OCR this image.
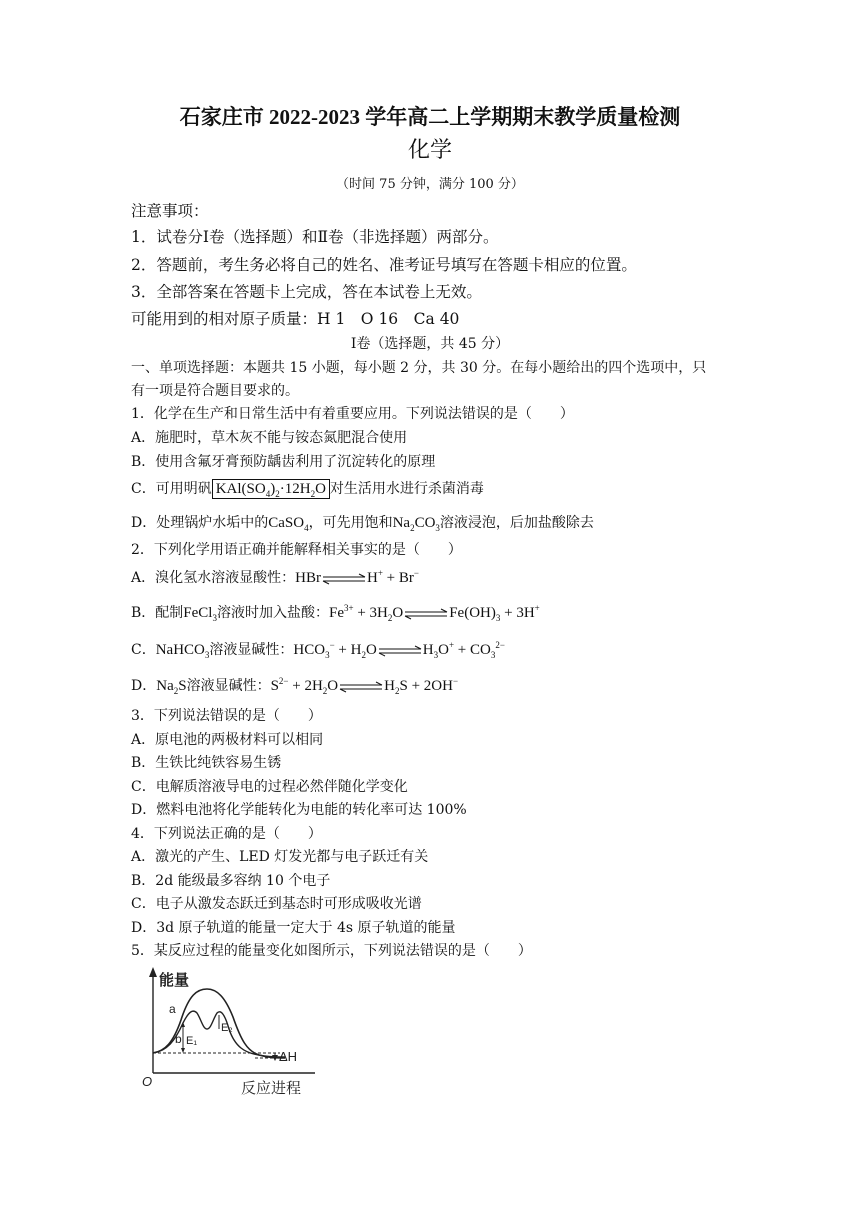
石家庄市 2022-2023 学年高二上学期期末教学质量检测
化学
（时间 75 分钟，满分 100 分）
注意事项：
1．试卷分Ⅰ卷（选择题）和Ⅱ卷（非选择题）两部分。
2．答题前，考生务必将自己的姓名、准考证号填写在答题卡相应的位置。
3．全部答案在答题卡上完成，答在本试卷上无效。
可能用到的相对原子质量：H 1　O 16　Ca 40
Ⅰ卷（选择题，共 45 分）
一、单项选择题：本题共 15 小题，每小题 2 分，共 30 分。在每小题给出的四个选项中，只
有一项是符合题目要求的。
1．化学在生产和日常生活中有着重要应用。下列说法错误的是（　　）
A．施肥时，草木灰不能与铵态氮肥混合使用
B．使用含氟牙膏预防龋齿利用了沉淀转化的原理
C．可用明矾 $KAl(SO_4)_2\cdot 12H_2O$ 对生活用水进行杀菌消毒
D．处理锅炉水垢中的CaSO$_4$，可先用饱和$Na_2CO_3$溶液浸泡，后加盐酸除去
2．下列化学用语正确并能解释相关事实的是（　　）
A．溴化氢水溶液显酸性：HBr⇌H+ + Br−
B．配制FeCl$_3$溶液时加入盐酸：$Fe^{3+}$ + $3H_2O\rightleftharpoons Fe(OH)_3 + 3H^+$
C．NaHCO$_3$溶液显碱性：$HCO_3^-$ + $H_2O\rightleftharpoons H_3O^+ + CO_3^{2-}$
D．$Na_2S$溶液显碱性：$S^{2-}$ + $2H_2O\rightleftharpoons H_2S + 2OH^-$
3．下列说法错误的是（　　）
A．原电池的两极材料可以相同
B．生铁比纯铁容易生锈
C．电解质溶液导电的过程必然伴随化学变化
D．燃料电池将化学能转化为电能的转化率可达 100%
4．下列说法正确的是（　　）
A．激光的产生、LED 灯发光都与电子跃迁有关
B．2d 能级最多容纳 10 个电子
C．电子从激发态跃迁到基态时可形成吸收光谱
D．3d 原子轨道的能量一定大于 4s 原子轨道的能量
5．某反应过程的能量变化如图所示，下列说法错误的是（　　）
能量
O	反应进程
E₁
E₂
a
b
ΔH
